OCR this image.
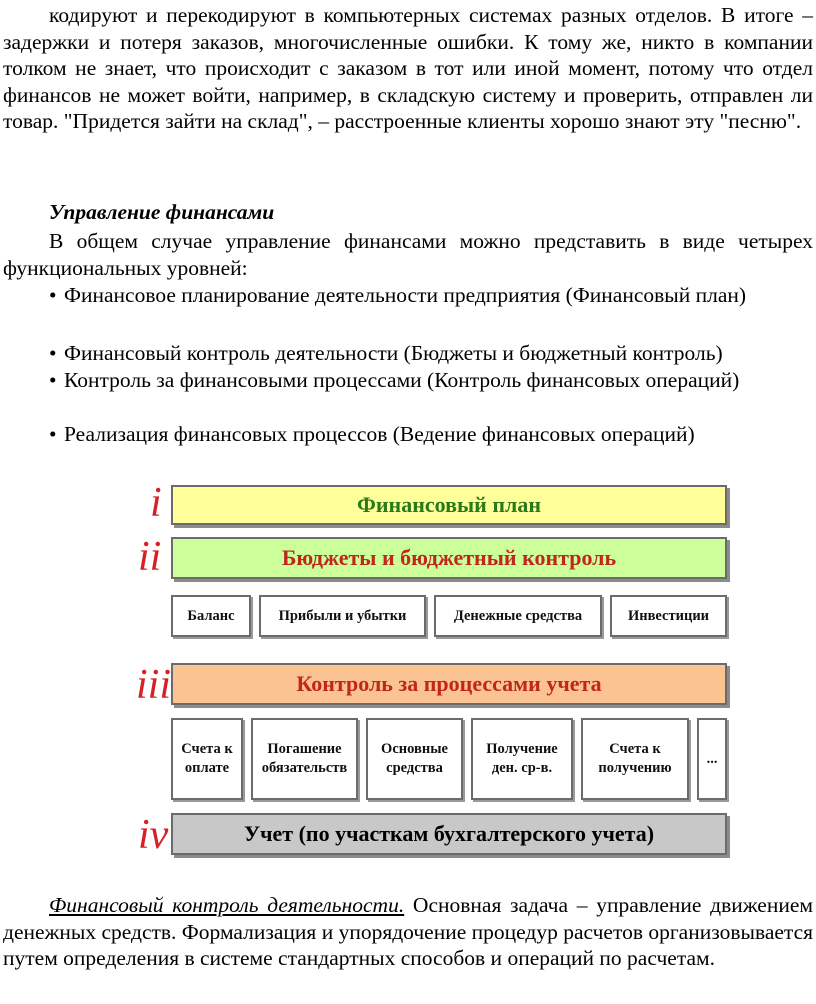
кодируют и перекодируют в компьютерных системах разных отделов. В итоге – задержки и потеря заказов, многочисленные ошибки. К тому же, никто в компании толком не знает, что происходит с заказом в тот или иной момент, потому что отдел финансов не может войти, например, в складскую систему и проверить, отправлен ли товар. "Придется зайти на склад", – расстроенные клиенты хорошо знают эту "песню".
Управление финансами
В общем случае управление финансами можно представить в виде четырех функциональных уровней:
• Финансовое планирование деятельности предприятия (Финансовый план)
• Финансовый контроль деятельности (Бюджеты и бюджетный контроль)
• Контроль за финансовыми процессами (Контроль финансовых операций)
• Реализация финансовых процессов (Ведение финансовых операций)
i	Финансовый план
ii	Бюджеты и бюджетный контроль
Баланс	Прибыли и убытки	Денежные средства	Инвестиции
iii	Контроль за процессами учета
Счета к оплате
Погашение обязательств
Основные средства
Получение ден. ср-в.
Счета к получению
...
iv	Учет (по участкам бухгалтерского учета)
Финансовый контроль деятельности. Основная задача – управление движением денежных средств. Формализация и упорядочение процедур расчетов организовывается путем определения в системе стандартных способов и операций по расчетам.
